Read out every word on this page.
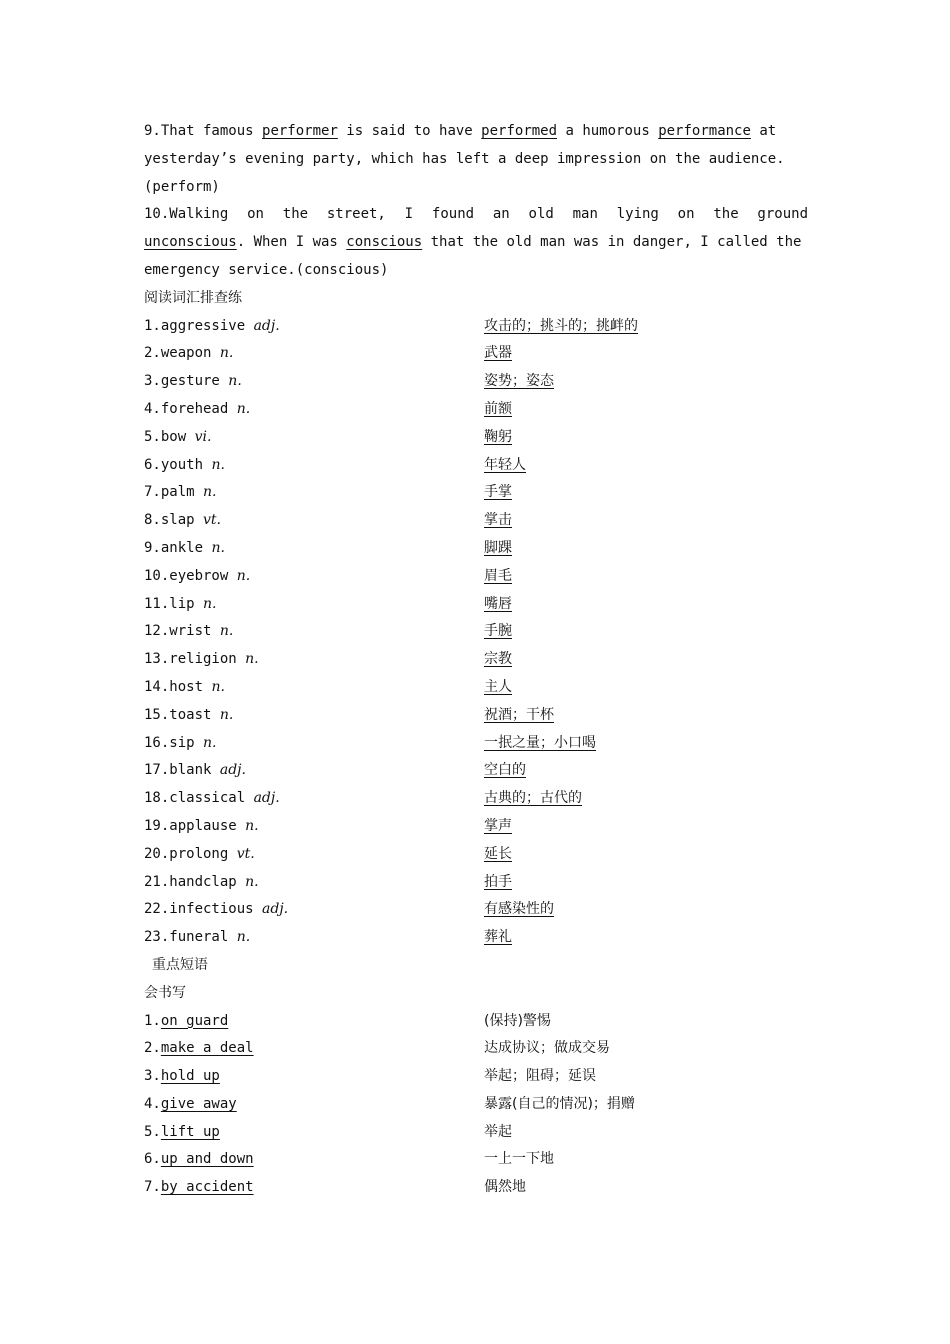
9.That famous performer is said to have performed a humorous performance at
yesterday’s evening party, which has left a deep impression on the audience.
(perform)
10.Walking on the street, I found an old man lying on the ground
unconscious. When I was conscious that the old man was in danger, I called the
emergency service.(conscious)
阅读词汇排查练
1.aggressive adj.	攻击的；挑斗的；挑衅的
2.weapon n.	武器
3.gesture n.	姿势；姿态
4.forehead n.	前额
5.bow vi.	鞠躬
6.youth n.	年轻人
7.palm n.	手掌
8.slap vt.	掌击
9.ankle n.	脚踝
10.eyebrow n.	眉毛
11.lip n.	嘴唇
12.wrist n.	手腕
13.religion n.	宗教
14.host n.	主人
15.toast n.	祝酒；干杯
16.sip n.	一抿之量；小口喝
17.blank adj.	空白的
18.classical adj.	古典的；古代的
19.applause n.	掌声
20.prolong vt.	延长
21.handclap n.	拍手
22.infectious adj.	有感染性的
23.funeral n.	葬礼
重点短语
会书写
1.on guard	(保持)警惕
2.make a deal	达成协议；做成交易
3.hold up	举起；阻碍；延误
4.give away	暴露(自己的情况)；捐赠
5.lift up	举起
6.up and down	一上一下地
7.by accident	偶然地
